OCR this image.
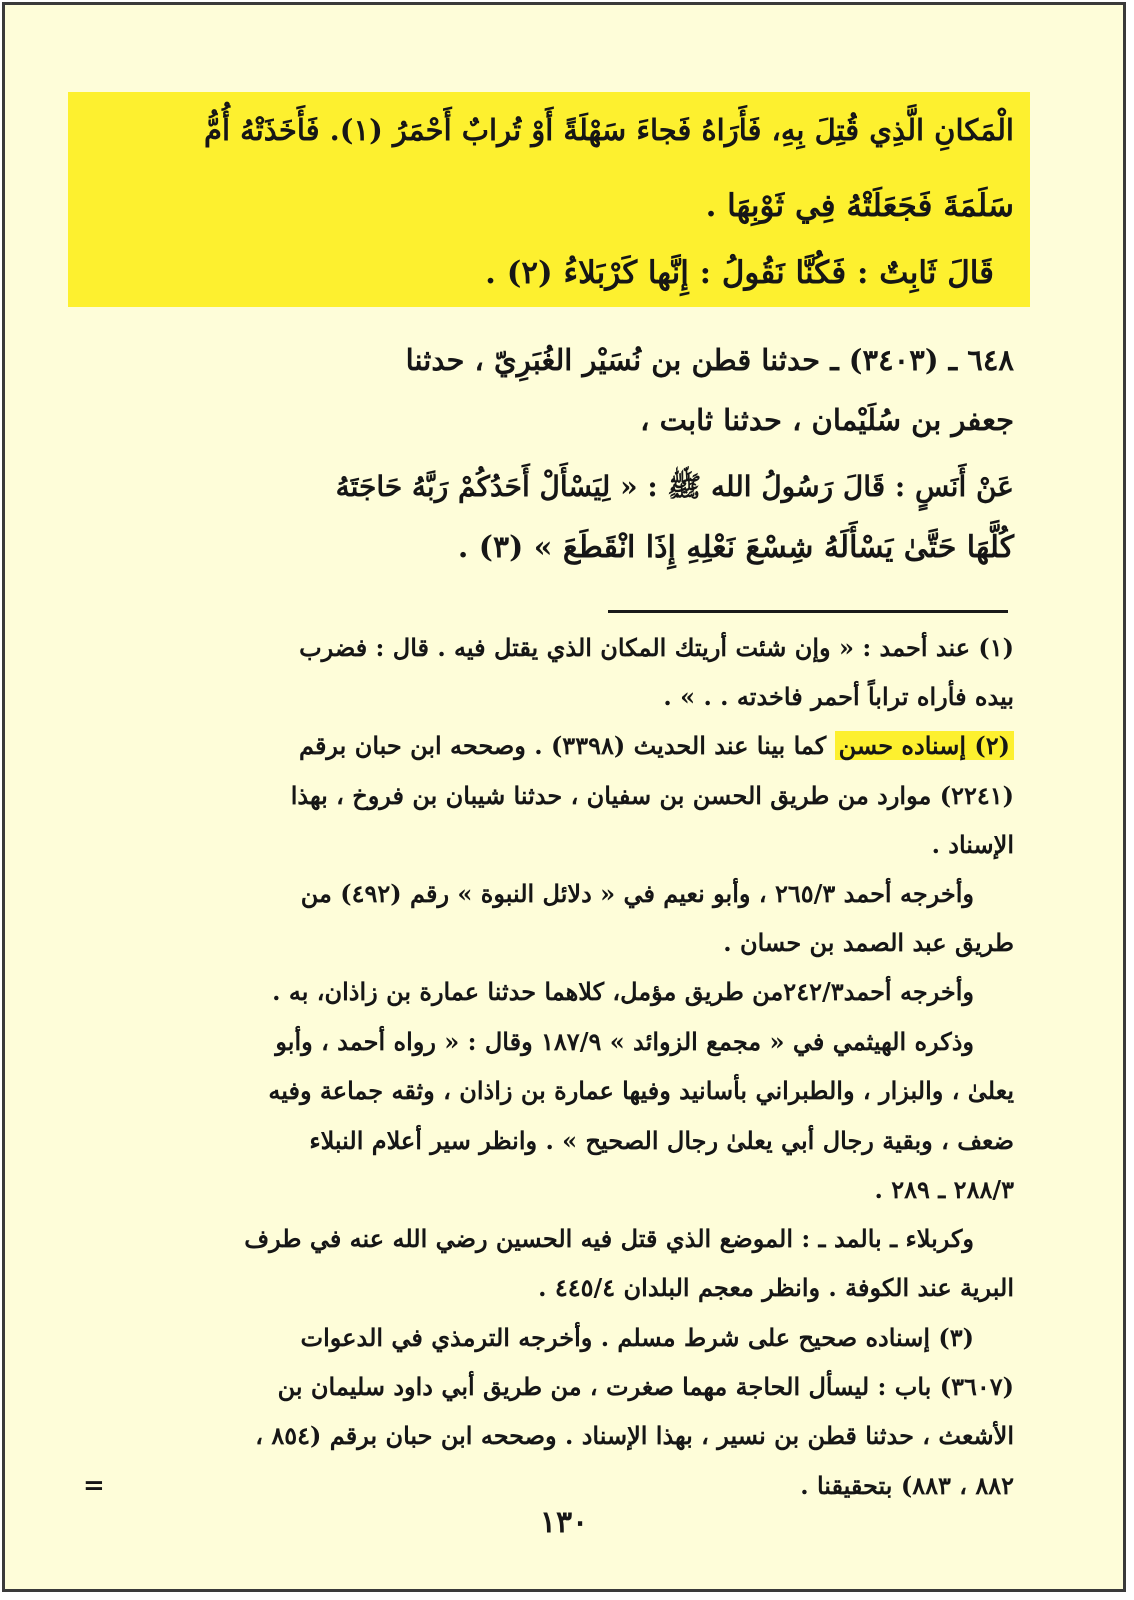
الْمَكانِ الَّذِي قُتِلَ بِهِ، فَأَرَاهُ فَجاءَ سَهْلَةً أَوْ تُرابٌ أَحْمَرُ (١). فَأَخَذَتْهُ أُمُّ
سَلَمَةَ فَجَعَلَتْهُ فِي ثَوْبِهَا .
قَالَ ثَابِتٌ : فَكُنَّا نَقُولُ : إِنَّها كَرْبَلاءُ (٢) .
٦٤٨ ـ (٣٤٠٣) ـ حدثنا قطن بن نُسَيْر الغُبَرِيّ ، حدثنا
جعفر بن سُلَيْمان ، حدثنا ثابت ،
عَنْ أَنَسٍ : قَالَ رَسُولُ الله ﷺ : « لِيَسْأَلْ أَحَدُكُمْ رَبَّهُ حَاجَتَهُ
كُلَّهَا حَتَّىٰ يَسْأَلَهُ شِسْعَ نَعْلِهِ إِذَا انْقَطَعَ » (٣) .
(١) عند أحمد : « وإن شئت أريتك المكان الذي يقتل فيه . قال : فضرب
بيده فأراه تراباً أحمر فاخدته . . » .
(٢) إسناده حسن كما بينا عند الحديث (٣٣٩٨) . وصححه ابن حبان برقم
(٢٢٤١) موارد من طريق الحسن بن سفيان ، حدثنا شيبان بن فروخ ، بهذا
الإسناد .
وأخرجه أحمد ٢٦٥/٣ ، وأبو نعيم في « دلائل النبوة » رقم (٤٩٢) من
طريق عبد الصمد بن حسان .
وأخرجه أحمد٢٤٢/٣من طريق مؤمل، كلاهما حدثنا عمارة بن زاذان، به .
وذكره الهيثمي في « مجمع الزوائد » ١٨٧/٩ وقال : « رواه أحمد ، وأبو
يعلىٰ ، والبزار ، والطبراني بأسانيد وفيها عمارة بن زاذان ، وثقه جماعة وفيه
ضعف ، وبقية رجال أبي يعلىٰ رجال الصحيح » . وانظر سير أعلام النبلاء
٢٨٨/٣ ـ ٢٨٩ .
وكربلاء ـ بالمد ـ : الموضع الذي قتل فيه الحسين رضي الله عنه في طرف
البرية عند الكوفة . وانظر معجم البلدان ٤٤٥/٤ .
(٣) إسناده صحيح على شرط مسلم . وأخرجه الترمذي في الدعوات
(٣٦٠٧) باب : ليسأل الحاجة مهما صغرت ، من طريق أبي داود سليمان بن
الأشعث ، حدثنا قطن بن نسير ، بهذا الإسناد . وصححه ابن حبان برقم (٨٥٤ ،
٨٨٢ ، ٨٨٣) بتحقيقنا .
=
١٣٠
